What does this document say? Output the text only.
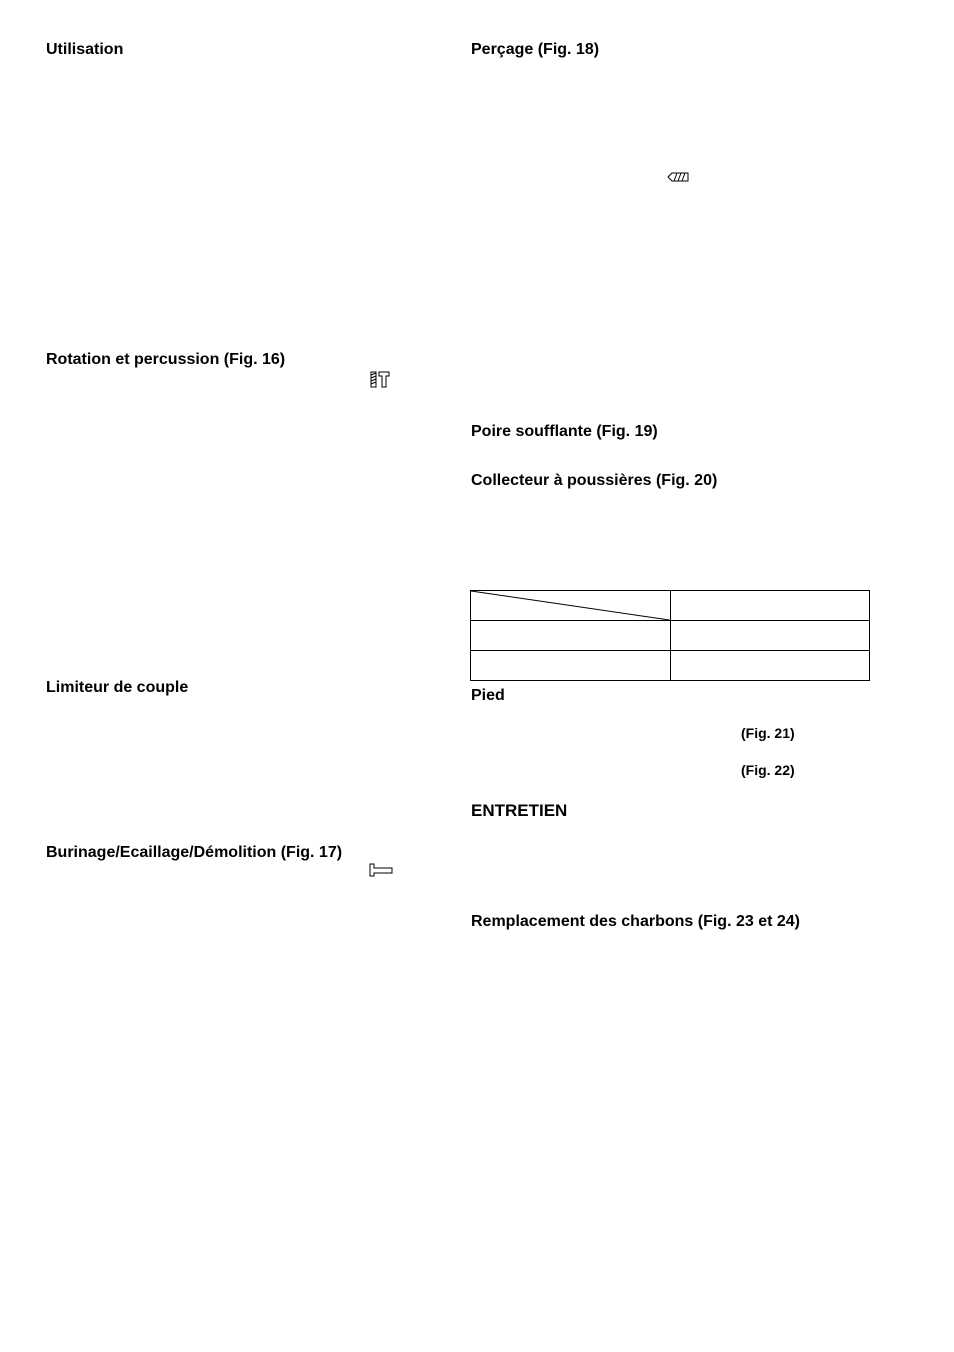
Utilisation
Rotation et percussion (Fig. 16)
Limiteur de couple
Burinage/Ecaillage/Démolition (Fig. 17)
Perçage (Fig. 18)
Poire soufflante (Fig. 19)
Collecteur à poussières (Fig. 20)

Pied
(Fig. 21)
(Fig. 22)
ENTRETIEN
Remplacement des charbons (Fig. 23 et 24)
